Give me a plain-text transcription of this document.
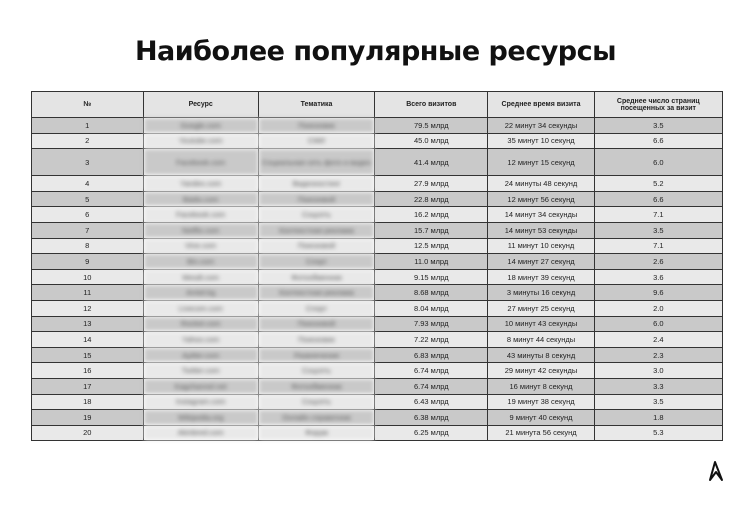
Наиболее популярные ресурсы
№	Ресурс	Тематика	Всего визитов	Среднее время визита	Среднее число страниц посещенных за визит
1	Google.com	Поисковик	79.5 млрд	22 минут 34 секунды	3.5
2	Youtube.com	СМИ	45.0 млрд	35 минут 10 секунд	6.6
3	Facebook.com	Социальная сеть фото и видео	41.4 млрд	12 минут 15 секунд	6.0
4	Yandex.com	Видеохостинг	27.9 млрд	24 минуты 48 секунд	5.2
5	Baidu.com	Поисковой	22.8 млрд	12 минут 56 секунд	6.6
6	Facebook.com	Соцсеть	16.2 млрд	14 минут 34 секунды	7.1
7	Netflix.com	Контекстная реклама	15.7 млрд	14 минут 53 секунды	3.5
8	Vine.com	Поисковой	12.5 млрд	11 минут 10 секунд	7.1
9	Bin.com	Спорт	11.0 млрд	14 минут 27 секунд	2.6
10	Mesdt.com	Фотообменник	9.15 млрд	18 минут 39 секунд	3.6
11	Amtel.kg	Контекстная реклама	8.68 млрд	3 минуты 16 секунд	9.6
12	Livecom.com	Спорт	8.04 млрд	27 минут 25 секунд	2.0
13	Rocket.com	Поисковой	7.93 млрд	10 минут 43 секунды	6.0
14	Yahoo.com	Поисковик	7.22 млрд	8 минут 44 секунды	2.4
15	Ayitter.com	Развлечения	6.83 млрд	43 минуты 8 секунд	2.3
16	Twitter.com	Соцсеть	6.74 млрд	29 минут 42 секунды	3.0
17	Kagchannel.net	Фотообменник	6.74 млрд	16 минут 8 секунд	3.3
18	Instagram.com	Соцсеть	6.43 млрд	19 минут 38 секунд	3.5
19	Wikipedia.org	Онлайн справочник	6.38 млрд	9 минут 40 секунд	1.8
20	Akinbred.com	Форум	6.25 млрд	21 минута 56 секунд	5.3
